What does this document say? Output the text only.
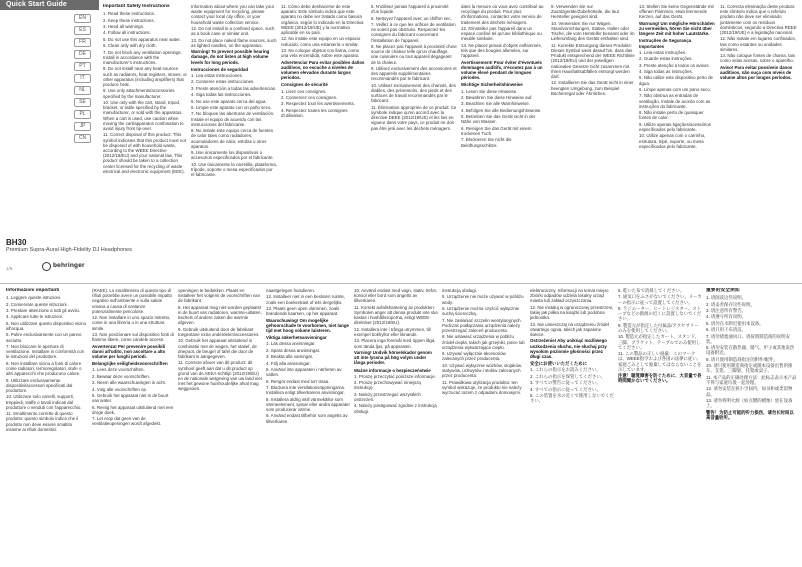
Quick Start Guide
EN
ES
FR
DE
PT
IT
NL
SE
PL
JP
CN
BH30
Premium Supra-Aural High-Fidelity DJ Headphones
behringer
1/6
Important Safety Instructions
1. Read these instructions.
2. Keep these instructions.
3. Heed all warnings.
4. Follow all instructions.
5. Do not use this apparatus near water.
6. Clean only with dry cloth.
7. Do not block any ventilation openings. Install in accordance with the manufacturer's instructions.
8. Do not install near any heat sources such as radiators, heat registers, stoves, or other apparatus (including amplifiers) that produce heat.
9. Use only attachments/accessories specified by the manufacturer.
10. Use only with the cart, stand, tripod, bracket, or table specified by the manufacturer, or sold with the apparatus. When a cart is used, use caution when moving the cart/apparatus combination to avoid injury from tip-over.
11. Correct disposal of this product: This symbol indicates that this product must not be disposed of with household waste, according to the WEEE Directive (2012/19/EU) and your national law. This product should be taken to a collection center licensed for the recycling of waste electrical and electronic equipment (EEE).
Information about where you can take your waste equipment for recycling, please contact your local city office, or your household waste collection service.
12. Do not install in a confined space, such as a book case or similar unit.
13. Do not place naked flame sources, such as lighted candles, on the apparatus.
Warning! To prevent possible hearing damage, do not listen at high volume levels for long periods.
Instrucciones de seguridad
1. Lea estas instrucciones.
2. Conserve estas instrucciones.
3. Preste atención a todas las advertencias.
4. Siga todas las instrucciones.
5. No use este aparato cerca del agua.
6. Limpie este aparato con un paño seco.
7. No bloquee las aberturas de ventilación. Instale el equipo de acuerdo con las instrucciones del fabricante.
8. No instale este equipo cerca de fuentes de calor tales como radiadores, acumuladores de calor, estufas u otros aparatos.
9. Use únicamente los dispositivos o accesorios especificados por el fabricante.
10. Use únicamente la carretilla, plataforma, trípode, soporte o mesa especificados por el fabricante.
11. Cómo debe deshacerse de este aparato: Este símbolo indica que este aparato no debe ser tratado como basura orgánica, según lo indicado en la Directiva WEEE (2012/19/UE) y la normativa aplicable en su país.
12. No instale este equipo en un espacio reducido, como una estantería o similar.
13. No coloque objetos con llama, como una vela encendida, sobre este aparato.
Advertencia! Para evitar posibles daños auditivos, no escuche a niveles de volumen elevados durante largos periodos.
Consignes de sécurité
1. Lisez ces consignes.
2. Conservez ces consignes.
3. Respectez tous les avertissements.
4. Respectez toutes les consignes d'utilisation.
5. N'utilisez jamais l'appareil à proximité d'un liquide.
6. Nettoyez l'appareil avec un chiffon sec.
7. Veillez à ce que les orifices de ventilation ne soient pas obstrués. Respectez les consignes du fabricant concernant l'installation de l'appareil.
8. Ne placez pas l'appareil à proximité d'une source de chaleur telle qu'un chauffage, une cuisinière ou tout appareil dégageant de la chaleur.
9. Utilisez exclusivement des accessoires et des appareils supplémentaires recommandés par le fabricant.
10. Utilisez exclusivement des chariots, des diables, des présentoirs, des pieds et des surfaces de travail recommandés par le fabricant.
11. Élimination appropriée de ce produit: Ce symbole indique qu'en accord avec la directive DEEE (2012/19/UE) et les lois en vigueur dans votre pays, ce produit ne doit pas être jeté avec les déchets ménagers.
dans la mesure où vous avez contribué au recyclage du produit. Pour plus d'informations, contactez votre service de traitement des déchets ménagers.
12. N'installez pas l'appareil dans un espace confiné tel qu'une bibliothèque ou meuble similaire.
13. Ne placez jamais d'objets enflammés, tels que des bougies allumées, sur l'appareil.
Avertissement! Pour éviter d'éventuels dommages auditifs, n'écoutez pas à un volume élevé pendant de longues périodes.
Wichtige Sicherheitshinweise
1. Lesen Sie diese Hinweise.
2. Bewahren Sie diese Hinweise auf.
3. Beachten Sie alle Warnhinweise.
4. Befolgen Sie alle Bedienungshinweise.
5. Betreiben Sie das Gerät nicht in der Nähe von Wasser.
6. Reinigen Sie das Gerät mit einem trockenen Tuch.
7. Blockieren Sie nicht die Belüftungsschlitze.
9. Verwenden Sie nur Zusatzgeräte/Zubehörteile, die laut Hersteller geeignet sind.
10. Verwenden Sie nur Wagen, Standvorrichtungen, Stative, Halter oder Tische, die vom Hersteller benannt oder im Lieferumfang des Geräts enthalten sind.
11. Korrekte Entsorgung dieses Produkts: Dieses Symbol weist darauf hin, dass das Produkt entsprechend der WEEE Richtlinie (2012/19/EU) und der jeweiligen nationalen Gesetze nicht zusammen mit Ihren Haushaltsabfällen entsorgt werden darf.
12. Installieren Sie das Gerät nicht in einer beengten Umgebung, zum Beispiel Bücherregal oder Ähnliches.
13. Stellen Sie keine Gegenstände mit offenen Flammen, etwa brennende Kerzen, auf das Gerät.
Warnung! Um mögliche Hörschäden zu vermeiden, hören Sie nicht über längere Zeit mit hoher Lautstärke.
Instruções de Segurança Importantes
1. Leia estas instruções.
2. Guarde estas instruções.
3. Preste atenção a todos os avisos.
4. Siga todas as instruções.
5. Não utilize este dispositivo perto de água.
6. Limpe apenas com um pano seco.
7. Não obstrua as entradas de ventilação. Instale de acordo com as instruções do fabricante.
8. Não instale perto de quaisquer fontes de calor.
9. Utilize apenas ligações/acessórios especificados pelo fabricante.
10. Utilize apenas com o carrinho, estrutura, tripé, suporte, ou mesa especificados pelo fabricante.
11. Correcta eliminação deste produto: este símbolo indica que o referido produto não deve ser eliminado juntamente com os resíduos domésticos, segundo a Directiva REEE (2012/19/UE) e a legislação nacional.
12. Não instale em lugares confinados, tais como estantes ou unidades similares.
13. Não coloque fontes de chama, tais como velas acesas, sobre o aparelho.
Aviso! Para evitar possíveis danos auditivos, não ouça com níveis de volume altos por longos períodos.
Informazioni importanti
1. Leggere queste istruzioni.
2. Conservare queste istruzioni.
3. Prestare attenzione a tutti gli avvisi.
4. Applicare tutte le istruzioni.
5. Non utilizzare questo dispositivo vicino all'acqua.
6. Pulire esclusivamente con un panno asciutto.
7. Non bloccare le aperture di ventilazione. Installare in conformità con le istruzioni del produttore.
8. Non installare vicino a fonti di calore come radiatori, termoregolatori, stufe o altri apparecchi che producono calore.
9. Utilizzare esclusivamente dispositivi/accessori specificati dal produttore.
10. Utilizzare solo carrelli, supporti, treppiedi, staffe o tavoli indicati dal produttore o venduti con l'apparecchio.
11. Smaltimento corretto di questo prodotto: questo simbolo indica che il prodotto non deve essere smaltito insieme ai rifiuti domestici.
(RAEE). Lo smaltimento di questo tipo di rifiuti potrebbe avere un possibile impatto negativo sull'ambiente e sulla salute umana a causa di sostanze potenzialmente pericolose.
12. Non installare in uno spazio ristretto, come in una libreria o in una struttura simile.
13. Non posizionare sul dispositivo fonti di fiamme libere, come candele accese.
Avvertenza! Per prevenire possibili danni all'udito, non ascoltare a alto volume per lunghi periodi.
Belangrijke veiligheidsvoorschriften
1. Lees deze voorschriften.
2. Bewaar deze voorschriften.
3. Neem alle waarschuwingen in acht.
4. Volg alle voorschriften op.
5. Gebruik het apparaat niet in de buurt van water.
6. Reinig het apparaat uitsluitend met een droge doek.
7. Let erop dat geen van de ventilatieopeningen wordt afgedekt.
openingen te bedekken. Plaats en installeer het volgens de voorschriften van de fabrikant.
8. Het apparaat mag niet worden geplaatst in de buurt van radiatoren, warmte-uitlaten, kachels of andere zaken die warmte afgeven.
9. Gebruik uitsluitend door de fabrikant toegestane extra onderdelen/accessoires.
10. Gebruik het apparaat uitsluitend in combinatie met de wagen, het statief, de driepoot, de beugel of tafel die door de fabrikant is aangegeven.
11. Correcte afvoer van dit product: dit symbool geeft aan dat u dit product op grond van de AEEA-richtlijn (2012/19/EU) en de nationale wetgeving van uw land niet met het gewone huishoudelijke afval mag weggooien.
naastgelegen huisdieren.
12. Installeer niet in een besloten ruimte, zoals een boekenkast of iets dergelijks.
13. Plaats geen open vlammen, zoals brandende kaarsen, op het apparaat.
Waarschuwing! Om mogelijke gehoorschade te voorkomen, niet lange tijd met hoog volume luisteren.
Viktiga säkerhetsanvisningar
1. Läs dessa anvisningar.
2. Spara dessa anvisningar.
3. Beakta alla varningar.
4. Följ alla anvisningar.
5. Använd inte apparaten i närheten av vatten.
6. Rengör endast med torr trasa.
7. Blockera inte ventilationsöppningarna. Installera enligt tillverkarens anvisningar.
8. Installera aldrig intill värmekällor som värmeelement, spisar eller andra apparater som producerar värme.
9. Använd endast tillbehör som angetts av tillverkaren.
10. Använd endast med vagn, stativ, trefot, konsol eller bord som angetts av tillverkaren.
11. Korrekt avfallshantering av produkten: Symbolen anger att denna produkt inte ska kastas i hushållssoporna, enligt WEEE-direktivet (2012/19/EU).
12. Installera inte i trånga utrymmen, till exempel bokhyllor eller liknande.
13. Placera inga föremål med öppen låga, som tända ljus, på apparaten.
Varning! Undvik hörselskador genom att inte lyssna på hög volym under långa perioder.
Ważne informacje o bezpieczeństwie
1. Proszę przeczytać poniższe informacje.
2. Proszę przechowywać niniejszą instrukcję.
3. Należy przestrzegać wszystkich ostrzeżeń.
4. Należy postępować zgodnie z instrukcją obsługi.
instrukcją obsługi.
5. Urządzenie nie może używać w pobliżu wody.
6. Urządzenie można czyścić wyłącznie suchą ściereczką.
7. Nie zasłaniać szczelin wentylacyjnych. Podczas podłączania urządzenia należy przestrzegać zaleceń producenta.
8. Nie ustawiać urządzenia w pobliżu źródeł ciepła, takich jak grzejniki, piece lub urządzenia wytwarzające ciepło.
9. Używać wyłącznie akcesoriów zalecanych przez producenta.
10. Używać wyłącznie wózków, stojaków, statywów, uchwytów i stołów zalecanych przez producenta.
11. Prawidłowa utylizacja produktu: ten symbol wskazuje, że produktu nie należy wyrzucać razem z odpadami domowymi.
elektroniczny. Informacji na temat miejsc zbiórki odpadów udziela lokalny urząd miasta lub zakład oczyszczania.
12. Nie instaluj w ograniczonej przestrzeni, takiej jak półka na książki lub podobna jednostka.
13. Nie umieszczaj na urządzeniu źródeł otwartego ognia, takich jak zapalone świece.
Ostrzeżenie! Aby uniknąć możliwego uszkodzenia słuchu, nie słuchaj przy wysokim poziomie głośności przez długi czas.
安全にお使いいただくために
1. これらの指示をお読みください。
2. これらの指示を保管してください。
3. すべての警告に従ってください。
4. すべての指示に従ってください。
5. この装置を水の近くで使用しないでください。
6. 乾いた布で清掃してください。
7. 通気口をふさがないでください。メーカーの指示に従って設置してください。
8. ラジエーター、ヒートレジスター、ストーブなどの熱源の近くに設置しないでください。
9. 製造元が指定した付属品/アクセサリーのみを使用してください。
10. 製造元が指定したカート、スタンド、三脚、ブラケット、テーブルでのみ使用してください。
11. この製品の正しい廃棄：このマークは、WEEE指令および各国の法律に従い、家庭ごみとして廃棄してはならないことを示しています。
注意！聴覚障害を防ぐために、大音量で長時間聞かないでください。
重要的安全须知
1. 请阅读这些说明。
2. 请妥善保存这些说明。
3. 请注意所有警告。
4. 请遵守所有说明。
5. 请勿在水附近使用本设备。
6. 请只用干布清洁。
7. 请勿堵塞通风口。请按照制造商的说明安装。
8. 请勿安装在散热器、暖气、炉子或其他发热设备附近。
9. 请只使用制造商指定的附件/配件。
10. 请只使用制造商指定或随本设备出售的推车、支架、三脚架、托架或桌子。
11. 本产品的正确处理方法：此标志表示本产品不得与家庭垃圾一起处理。
12. 请勿安装在狭小空间内，如书柜或类似物品。
13. 请勿将明火源（如点燃的蜡烛）放在设备上。
警告！为防止可能的听力损伤，请勿长时间以高音量收听。
